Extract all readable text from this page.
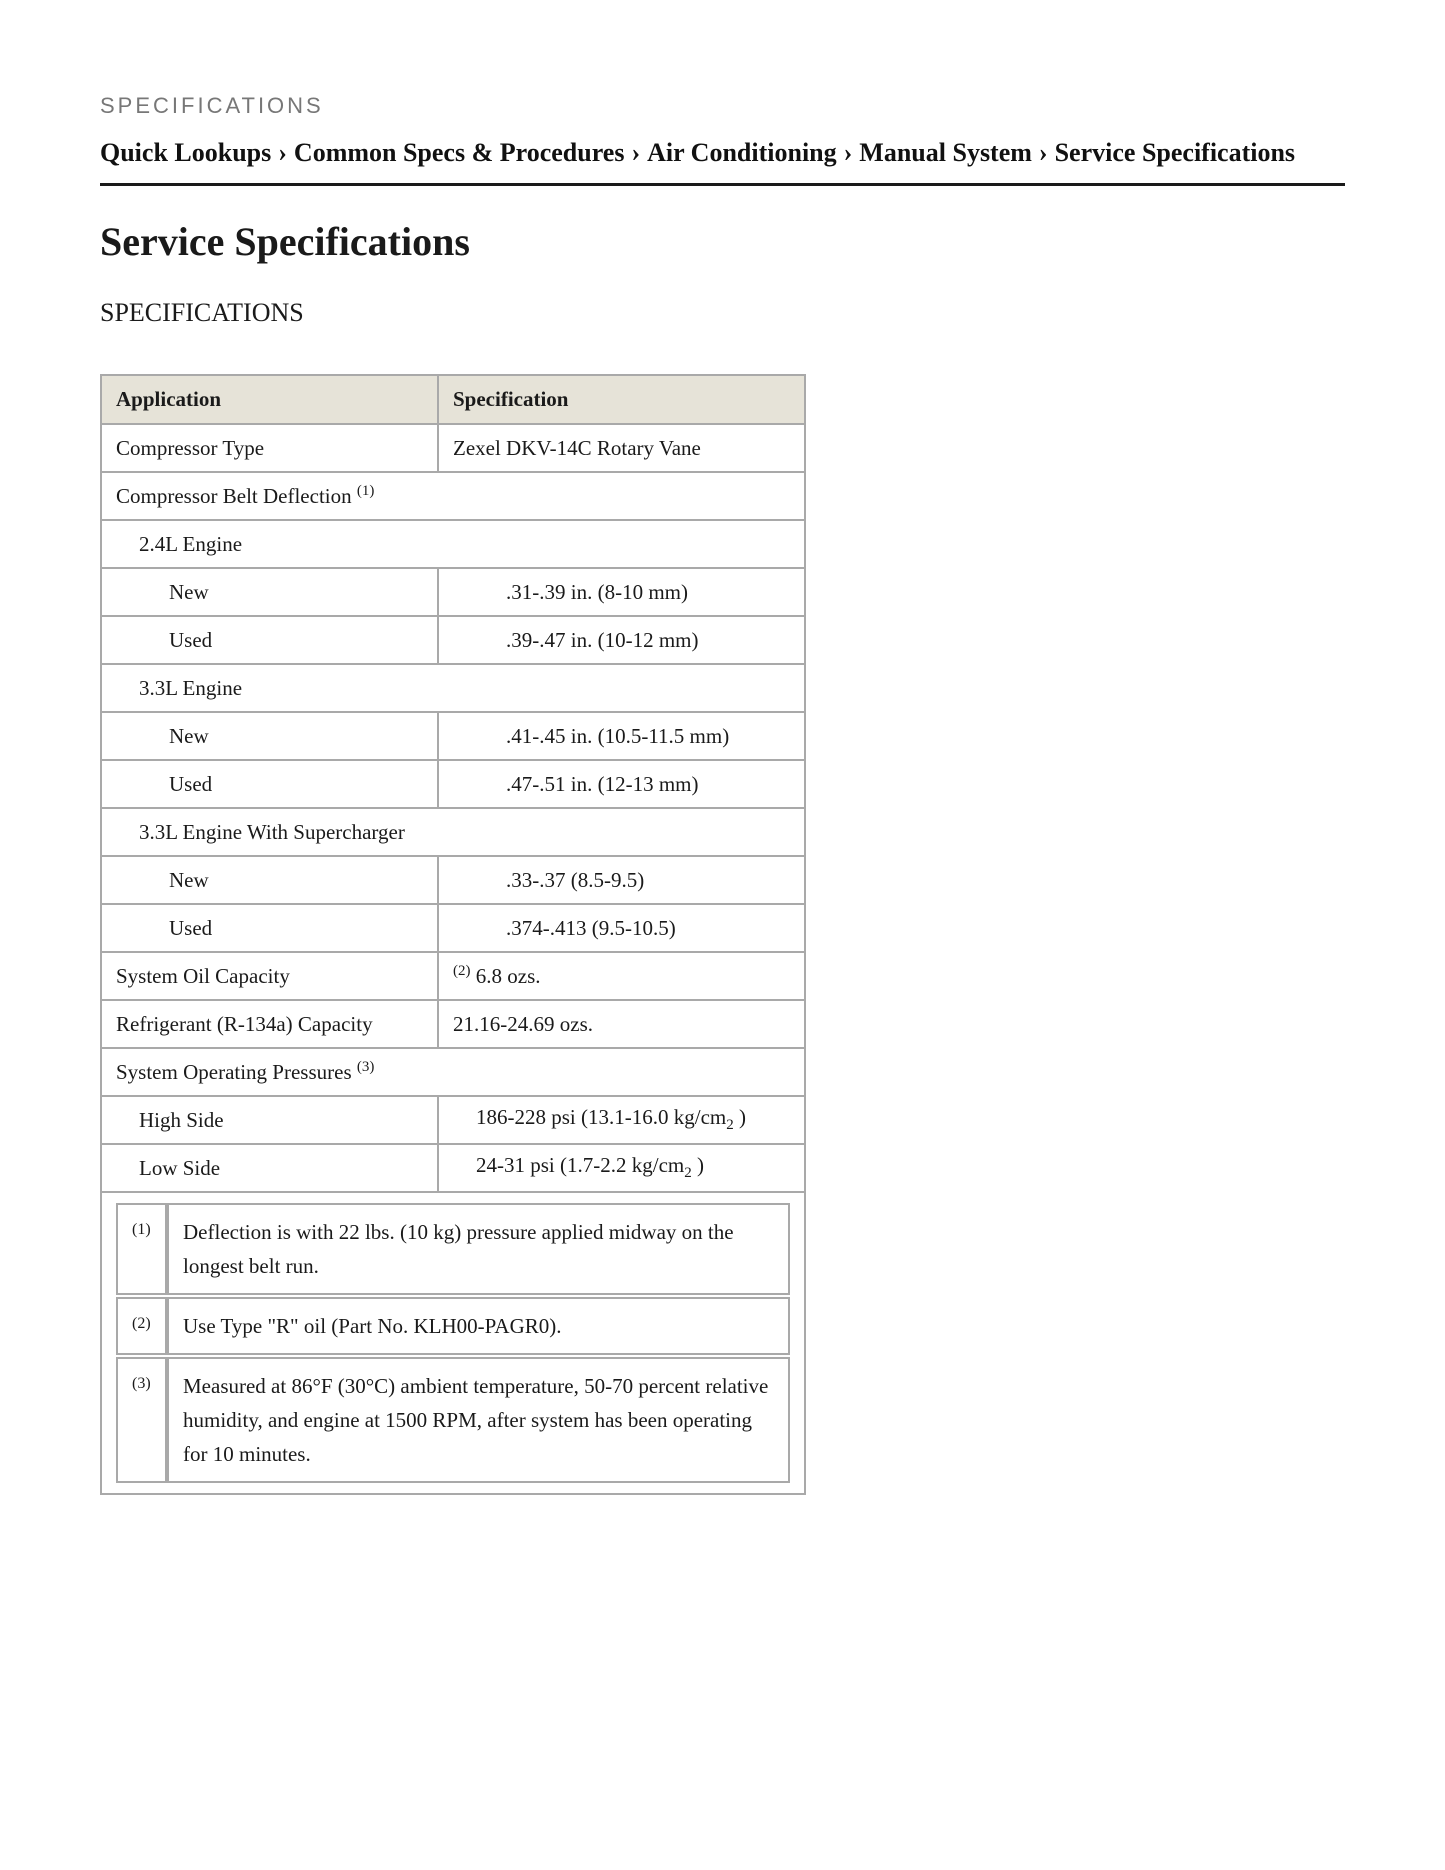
SPECIFICATIONS
Quick Lookups › Common Specs & Procedures › Air Conditioning › Manual System › Service Specifications
Service Specifications
SPECIFICATIONS
Application	Specification
Compressor Type	Zexel DKV-14C Rotary Vane
Compressor Belt Deflection $^{(1)}$
2.4L Engine
New	.31-.39 in. (8-10 mm)
Used	.39-.47 in. (10-12 mm)
3.3L Engine
New	.41-.45 in. (10.5-11.5 mm)
Used	.47-.51 in. (12-13 mm)
3.3L Engine With Supercharger
New	.33-.37 (8.5-9.5)
Used	.374-.413 (9.5-10.5)
System Oil Capacity	$^{(2)}$ 6.8 ozs.
Refrigerant (R-134a) Capacity	21.16-24.69 ozs.
System Operating Pressures $^{(3)}$
High Side	186-228 psi (13.1-16.0 $kg/cm_2$ )
Low Side	24-31 psi (1.7-2.2 $kg/cm_2$ )

(1)	Deflection is with 22 lbs. (10 kg) pressure applied midway on the longest belt run.
(2)	Use Type "R" oil (Part No. KLH00-PAGR0).
(3)	Measured at 86°F (30°C) ambient temperature, 50-70 percent relative humidity, and engine at 1500 RPM, after system has been operating for 10 minutes.
